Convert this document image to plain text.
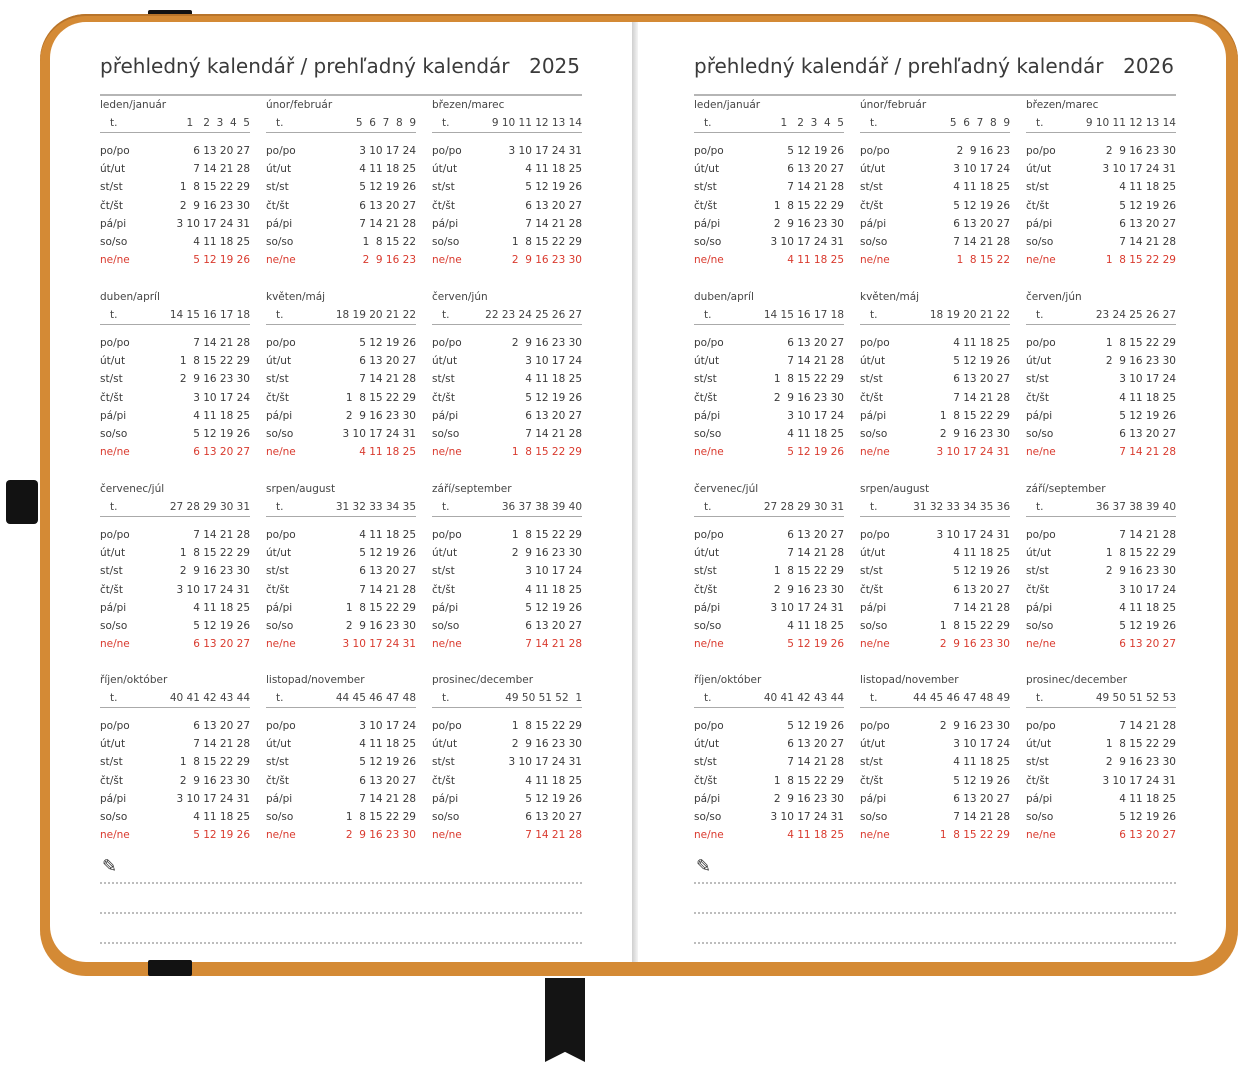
přehledný kalendář / prehľadný kalendár 2025
leden/január
t.	1   2  3  4  5
po/po	6 13 20 27
út/ut	7 14 21 28
st/st	1  8 15 22 29
čt/št	2  9 16 23 30
pá/pi	3 10 17 24 31
so/so	4 11 18 25
ne/ne	5 12 19 26
únor/február
t.	5  6  7  8  9
po/po	3 10 17 24
út/ut	4 11 18 25
st/st	5 12 19 26
čt/št	6 13 20 27
pá/pi	7 14 21 28
so/so	1  8 15 22
ne/ne	2  9 16 23
březen/marec
t.	9 10 11 12 13 14
po/po	3 10 17 24 31
út/ut	4 11 18 25
st/st	5 12 19 26
čt/št	6 13 20 27
pá/pi	7 14 21 28
so/so	1  8 15 22 29
ne/ne	2  9 16 23 30
duben/apríl
t.	14 15 16 17 18
po/po	7 14 21 28
út/ut	1  8 15 22 29
st/st	2  9 16 23 30
čt/št	3 10 17 24
pá/pi	4 11 18 25
so/so	5 12 19 26
ne/ne	6 13 20 27
květen/máj
t.	18 19 20 21 22
po/po	5 12 19 26
út/ut	6 13 20 27
st/st	7 14 21 28
čt/št	1  8 15 22 29
pá/pi	2  9 16 23 30
so/so	3 10 17 24 31
ne/ne	4 11 18 25
červen/jún
t.	22 23 24 25 26 27
po/po	2  9 16 23 30
út/ut	3 10 17 24
st/st	4 11 18 25
čt/št	5 12 19 26
pá/pi	6 13 20 27
so/so	7 14 21 28
ne/ne	1  8 15 22 29
červenec/júl
t.	27 28 29 30 31
po/po	7 14 21 28
út/ut	1  8 15 22 29
st/st	2  9 16 23 30
čt/št	3 10 17 24 31
pá/pi	4 11 18 25
so/so	5 12 19 26
ne/ne	6 13 20 27
srpen/august
t.	31 32 33 34 35
po/po	4 11 18 25
út/ut	5 12 19 26
st/st	6 13 20 27
čt/št	7 14 21 28
pá/pi	1  8 15 22 29
so/so	2  9 16 23 30
ne/ne	3 10 17 24 31
září/september
t.	36 37 38 39 40
po/po	1  8 15 22 29
út/ut	2  9 16 23 30
st/st	3 10 17 24
čt/št	4 11 18 25
pá/pi	5 12 19 26
so/so	6 13 20 27
ne/ne	7 14 21 28
říjen/október
t.	40 41 42 43 44
po/po	6 13 20 27
út/ut	7 14 21 28
st/st	1  8 15 22 29
čt/št	2  9 16 23 30
pá/pi	3 10 17 24 31
so/so	4 11 18 25
ne/ne	5 12 19 26
listopad/november
t.	44 45 46 47 48
po/po	3 10 17 24
út/ut	4 11 18 25
st/st	5 12 19 26
čt/št	6 13 20 27
pá/pi	7 14 21 28
so/so	1  8 15 22 29
ne/ne	2  9 16 23 30
prosinec/december
t.	49 50 51 52  1
po/po	1  8 15 22 29
út/ut	2  9 16 23 30
st/st	3 10 17 24 31
čt/št	4 11 18 25
pá/pi	5 12 19 26
so/so	6 13 20 27
ne/ne	7 14 21 28
✎
přehledný kalendář / prehľadný kalendár 2026
leden/január
t.	1   2  3  4  5
po/po	5 12 19 26
út/ut	6 13 20 27
st/st	7 14 21 28
čt/št	1  8 15 22 29
pá/pi	2  9 16 23 30
so/so	3 10 17 24 31
ne/ne	4 11 18 25
únor/február
t.	5  6  7  8  9
po/po	2  9 16 23
út/ut	3 10 17 24
st/st	4 11 18 25
čt/št	5 12 19 26
pá/pi	6 13 20 27
so/so	7 14 21 28
ne/ne	1  8 15 22
březen/marec
t.	9 10 11 12 13 14
po/po	2  9 16 23 30
út/ut	3 10 17 24 31
st/st	4 11 18 25
čt/št	5 12 19 26
pá/pi	6 13 20 27
so/so	7 14 21 28
ne/ne	1  8 15 22 29
duben/apríl
t.	14 15 16 17 18
po/po	6 13 20 27
út/ut	7 14 21 28
st/st	1  8 15 22 29
čt/št	2  9 16 23 30
pá/pi	3 10 17 24
so/so	4 11 18 25
ne/ne	5 12 19 26
květen/máj
t.	18 19 20 21 22
po/po	4 11 18 25
út/ut	5 12 19 26
st/st	6 13 20 27
čt/št	7 14 21 28
pá/pi	1  8 15 22 29
so/so	2  9 16 23 30
ne/ne	3 10 17 24 31
červen/jún
t.	23 24 25 26 27
po/po	1  8 15 22 29
út/ut	2  9 16 23 30
st/st	3 10 17 24
čt/št	4 11 18 25
pá/pi	5 12 19 26
so/so	6 13 20 27
ne/ne	7 14 21 28
červenec/júl
t.	27 28 29 30 31
po/po	6 13 20 27
út/ut	7 14 21 28
st/st	1  8 15 22 29
čt/št	2  9 16 23 30
pá/pi	3 10 17 24 31
so/so	4 11 18 25
ne/ne	5 12 19 26
srpen/august
t.	31 32 33 34 35 36
po/po	3 10 17 24 31
út/ut	4 11 18 25
st/st	5 12 19 26
čt/št	6 13 20 27
pá/pi	7 14 21 28
so/so	1  8 15 22 29
ne/ne	2  9 16 23 30
září/september
t.	36 37 38 39 40
po/po	7 14 21 28
út/ut	1  8 15 22 29
st/st	2  9 16 23 30
čt/št	3 10 17 24
pá/pi	4 11 18 25
so/so	5 12 19 26
ne/ne	6 13 20 27
říjen/október
t.	40 41 42 43 44
po/po	5 12 19 26
út/ut	6 13 20 27
st/st	7 14 21 28
čt/št	1  8 15 22 29
pá/pi	2  9 16 23 30
so/so	3 10 17 24 31
ne/ne	4 11 18 25
listopad/november
t.	44 45 46 47 48 49
po/po	2  9 16 23 30
út/ut	3 10 17 24
st/st	4 11 18 25
čt/št	5 12 19 26
pá/pi	6 13 20 27
so/so	7 14 21 28
ne/ne	1  8 15 22 29
prosinec/december
t.	49 50 51 52 53
po/po	7 14 21 28
út/ut	1  8 15 22 29
st/st	2  9 16 23 30
čt/št	3 10 17 24 31
pá/pi	4 11 18 25
so/so	5 12 19 26
ne/ne	6 13 20 27
✎
